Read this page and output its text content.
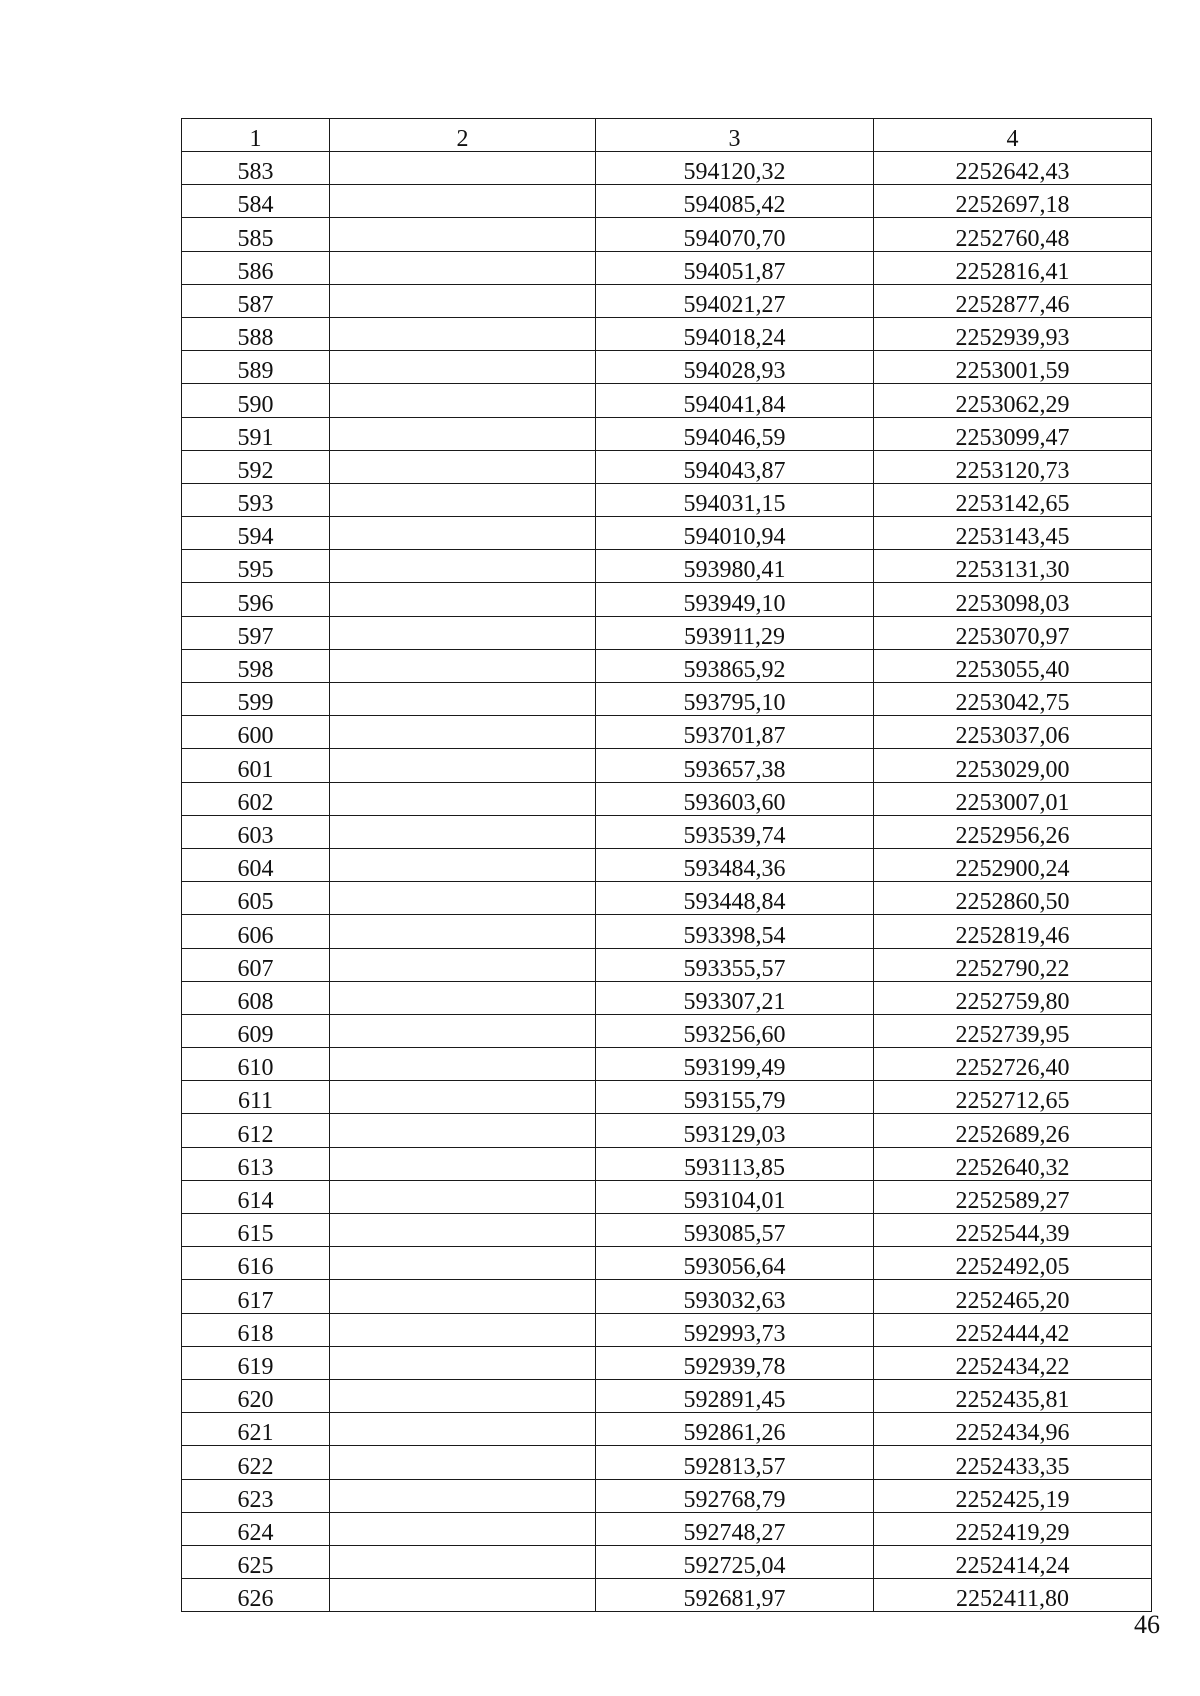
1	2	3	4
583		594120,32	2252642,43
584		594085,42	2252697,18
585		594070,70	2252760,48
586		594051,87	2252816,41
587		594021,27	2252877,46
588		594018,24	2252939,93
589		594028,93	2253001,59
590		594041,84	2253062,29
591		594046,59	2253099,47
592		594043,87	2253120,73
593		594031,15	2253142,65
594		594010,94	2253143,45
595		593980,41	2253131,30
596		593949,10	2253098,03
597		593911,29	2253070,97
598		593865,92	2253055,40
599		593795,10	2253042,75
600		593701,87	2253037,06
601		593657,38	2253029,00
602		593603,60	2253007,01
603		593539,74	2252956,26
604		593484,36	2252900,24
605		593448,84	2252860,50
606		593398,54	2252819,46
607		593355,57	2252790,22
608		593307,21	2252759,80
609		593256,60	2252739,95
610		593199,49	2252726,40
611		593155,79	2252712,65
612		593129,03	2252689,26
613		593113,85	2252640,32
614		593104,01	2252589,27
615		593085,57	2252544,39
616		593056,64	2252492,05
617		593032,63	2252465,20
618		592993,73	2252444,42
619		592939,78	2252434,22
620		592891,45	2252435,81
621		592861,26	2252434,96
622		592813,57	2252433,35
623		592768,79	2252425,19
624		592748,27	2252419,29
625		592725,04	2252414,24
626		592681,97	2252411,80
46
